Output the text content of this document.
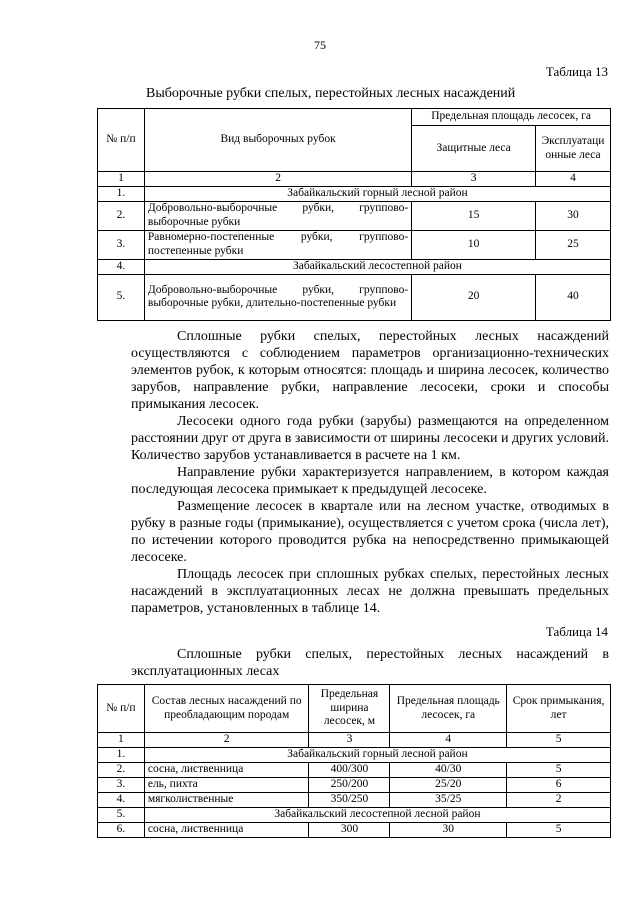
75
Таблица 13
Выборочные рубки спелых, перестойных лесных насаждений
№ п/п	Вид выборочных рубок	Предельная площадь лесосек, га	
		Защитные леса	Эксплуатаци онные леса
1	2	3	4
1.	Забайкальский горный лесной район		
2.	Добровольно-выборочные рубки, группово-выборочные рубки	15	30
3.	Равномерно-постепенные рубки, группово-постепенные рубки	10	25
4.	Забайкальский лесостепной район		
5.	Добровольно-выборочные рубки, группово-выборочные рубки, длительно-постепенные рубки	20	40

Сплошные рубки спелых, перестойных лесных насаждений осуществляются с соблюдением параметров организационно-технических элементов рубок, к которым относятся: площадь и ширина лесосек, количество зарубов, направление рубки, направление лесосеки, сроки и способы примыкания лесосек.

Лесосеки одного года рубки (зарубы) размещаются на определенном расстоянии друг от друга в зависимости от ширины лесосеки и других условий. Количество зарубов устанавливается в расчете на 1 км.

Направление рубки характеризуется направлением, в котором каждая последующая лесосека примыкает к предыдущей лесосеке.

Размещение лесосек в квартале или на лесном участке, отводимых в рубку в разные годы (примыкание), осуществляется с учетом срока (числа лет), по истечении которого проводится рубка на непосредственно примыкающей лесосеке.

Площадь лесосек при сплошных рубках спелых, перестойных лесных насаждений в эксплуатационных лесах не должна превышать предельных параметров, установленных в таблице 14.

Таблица 14

Сплошные рубки спелых, перестойных лесных насаждений в эксплуатационных лесах

№ п/п	Состав лесных насаждений по преобладающим породам	Предельная ширина лесосек, м	Предельная площадь лесосек, га	Срок примыкания, лет
1	2	3	4	5
1.	Забайкальский горный лесной район			
2.	сосна, лиственница	400/300	40/30	5
3.	ель, пихта	250/200	25/20	6
4.	мягколиственные	350/250	35/25	2
5.	Забайкальский лесостепной лесной район			
6.	сосна, лиственница	300	30	5
